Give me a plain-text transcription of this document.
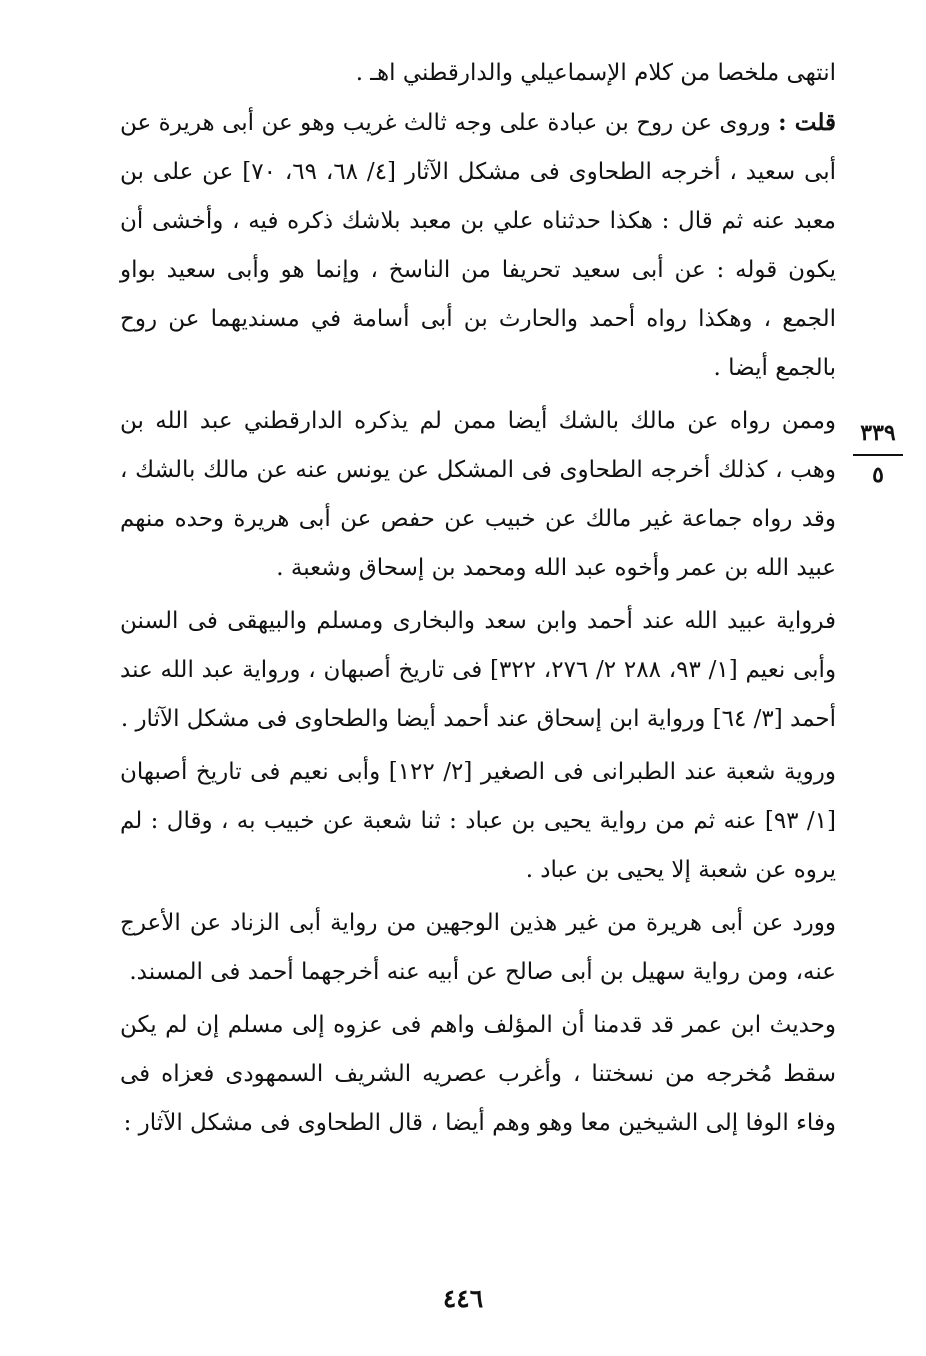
انتهى ملخصا من كلام الإسماعيلي والدارقطني اهـ .

قلت : وروى عن روح بن عبادة على وجه ثالث غريب وهو عن أبى هريرة عن أبى سعيد ، أخرجه الطحاوى فى مشكل الآثار [٤/ ٦٨، ٦٩، ٧٠] عن على بن معبد عنه ثم قال : هكذا حدثناه علي بن معبد بلاشك ذكره فيه ، وأخشى أن يكون قوله : عن أبى سعيد تحريفا من الناسخ ، وإنما هو وأبى سعيد بواو الجمع ، وهكذا رواه أحمد والحارث بن أبى أسامة في مسنديهما عن روح بالجمع أيضا .

وممن رواه عن مالك بالشك أيضا ممن لم يذكره الدارقطني عبد الله بن وهب ، كذلك أخرجه الطحاوى فى المشكل عن يونس عنه عن مالك بالشك ، وقد رواه جماعة غير مالك عن خبيب عن حفص عن أبى هريرة وحده منهم عبيد الله بن عمر وأخوه عبد الله ومحمد بن إسحاق وشعبة .

فرواية عبيد الله عند أحمد وابن سعد والبخارى ومسلم والبيهقى فى السنن وأبى نعيم [١/ ٩٣، ٢٨٨ ٢/ ٢٧٦، ٣٢٢] فى تاريخ أصبهان ، ورواية عبد الله عند أحمد [٣/ ٦٤] ورواية ابن إسحاق عند أحمد أيضا والطحاوى فى مشكل الآثار .

وروية شعبة عند الطبرانى فى الصغير [٢/ ١٢٢] وأبى نعيم فى تاريخ أصبهان [١/ ٩٣] عنه ثم من رواية يحيى بن عباد : ثنا شعبة عن خبيب به ، وقال : لم يروه عن شعبة إلا يحيى بن عباد .

وورد عن أبى هريرة من غير هذين الوجهين من رواية أبى الزناد عن الأعرج عنه، ومن رواية سهيل بن أبى صالح عن أبيه عنه أخرجهما أحمد فى المسند.

وحديث ابن عمر قد قدمنا أن المؤلف واهم فى عزوه إلى مسلم إن لم يكن سقط مُخرجه من نسختنا ، وأغرب عصريه الشريف السمهودى فعزاه فى وفاء الوفا إلى الشيخين معا وهو وهم أيضا ، قال الطحاوى فى مشكل الآثار :

٣٣٩
٥
٤٤٦
